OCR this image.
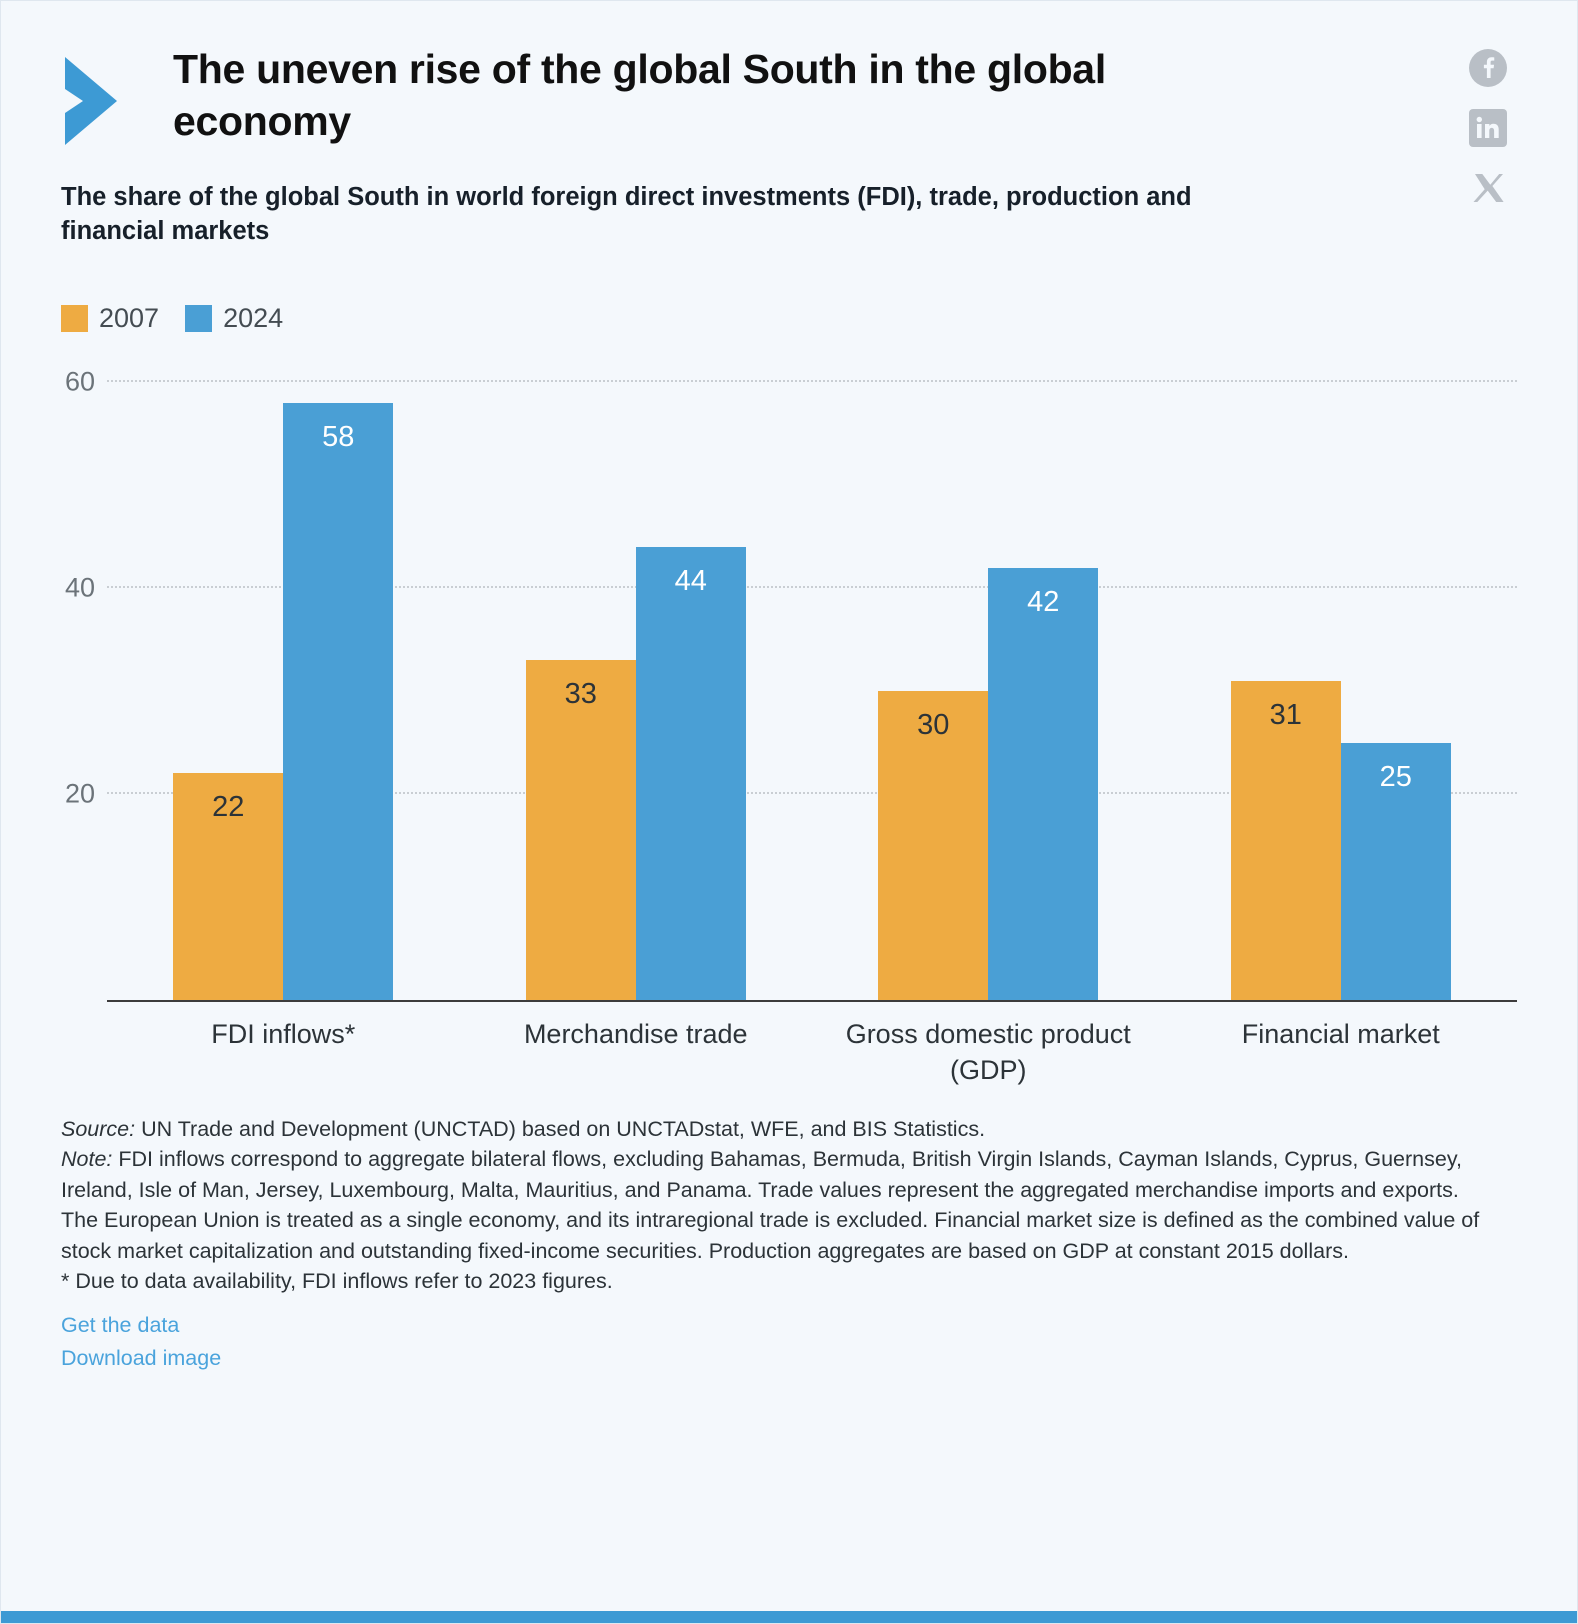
The uneven rise of the global South in the global economy

The share of the global South in world foreign direct investments (FDI), trade, production and financial markets

2007 2024
60
40
20	22
58
33
44
30
42
31
25
FDI inflows*	Merchandise trade	Gross domestic product (GDP)
Financial market

Source: UN Trade and Development (UNCTAD) based on UNCTADstat, WFE, and BIS Statistics.

Note: FDI inflows correspond to aggregate bilateral flows, excluding Bahamas, Bermuda, British Virgin Islands, Cayman Islands, Cyprus, Guernsey, Ireland, Isle of Man, Jersey, Luxembourg, Malta, Mauritius, and Panama. Trade values represent the aggregated merchandise imports and exports. The European Union is treated as a single economy, and its intraregional trade is excluded. Financial market size is defined as the combined value of stock market capitalization and outstanding fixed-income securities. Production aggregates are based on GDP at constant 2015 dollars.

* Due to data availability, FDI inflows refer to 2023 figures.

Get the data
Download image
